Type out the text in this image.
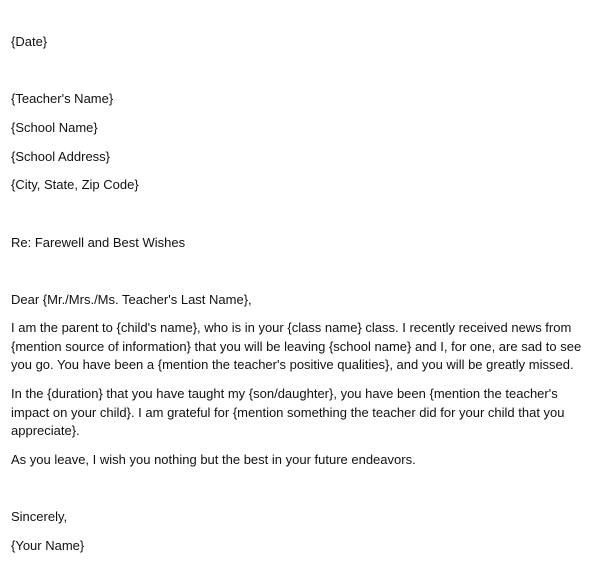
{Date}
{Teacher's Name}
{School Name}
{School Address}
{City, State, Zip Code}
Re: Farewell and Best Wishes
Dear {Mr./Mrs./Ms. Teacher's Last Name},
I am the parent to {child's name}, who is in your {class name} class. I recently received news from {mention source of information} that you will be leaving {school name} and I, for one, are sad to see you go. You have been a {mention the teacher's positive qualities}, and you will be greatly missed.
In the {duration} that you have taught my {son/daughter}, you have been {mention the teacher's impact on your child}. I am grateful for {mention something the teacher did for your child that you appreciate}.
As you leave, I wish you nothing but the best in your future endeavors.
Sincerely,
{Your Name}
